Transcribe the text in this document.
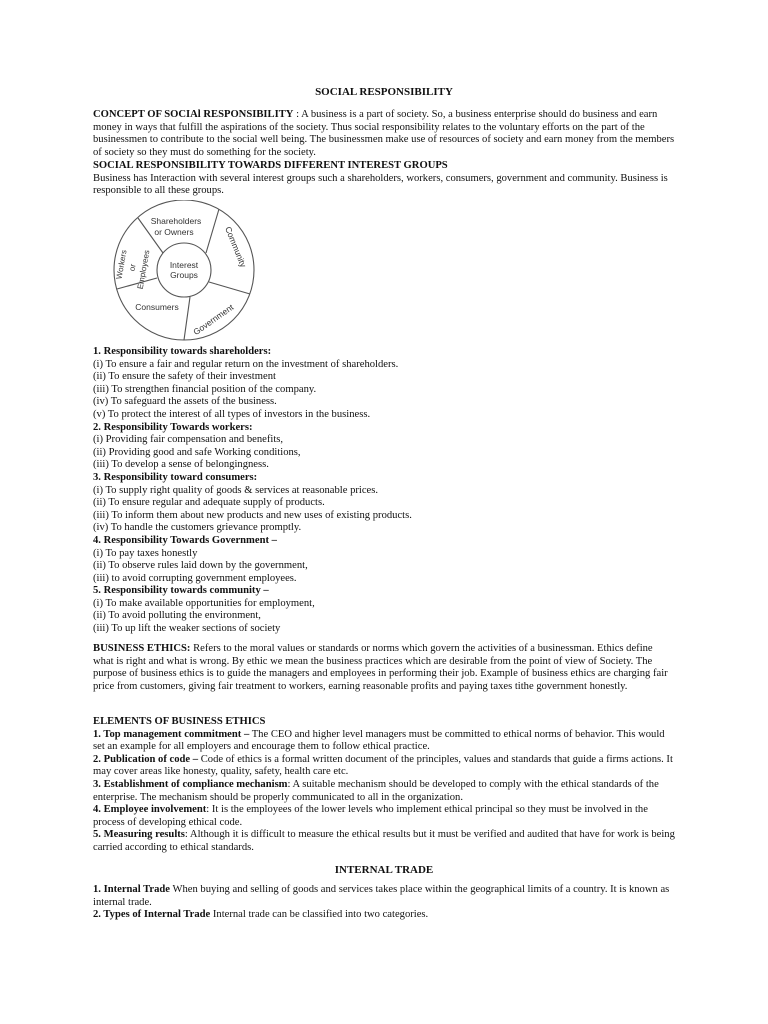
SOCIAL RESPONSIBILITY
CONCEPT OF SOCIAl RESPONSIBILITY : A business is a part of society. So, a business enterprise should do business and earn money in ways that fulfill the aspirations of the society. Thus social responsibility relates to the voluntary efforts on the part of the businessmen to contribute to the social well being. The businessmen make use of resources of society and earn money from the members of society so they must do something for the society.
SOCIAL RESPONSIBILITY TOWARDS DIFFERENT INTEREST GROUPS
Business has Interaction with several interest groups such a shareholders, workers, consumers, government and community. Business is responsible to all these groups.
Interest
Groups
Shareholders
or Owners	Community
Government
Consumers
Workers
or
Employees
1. Responsibility towards shareholders:
(i) To ensure a fair and regular return on the investment of shareholders.
(ii) To ensure the safety of their investment
(iii) To strengthen financial position of the company.
(iv) To safeguard the assets of the business.
(v) To protect the interest of all types of investors in the business.
2. Responsibility Towards workers:
(i) Providing fair compensation and benefits,
(ii) Providing good and safe Working conditions,
(iii) To develop a sense of belongingness.
3. Responsibility toward consumers:
(i) To supply right quality of goods & services at reasonable prices.
(ii) To ensure regular and adequate supply of products.
(iii) To inform them about new products and new uses of existing products.
(iv) To handle the customers grievance promptly.
4. Responsibility Towards Government –
(i) To pay taxes honestly
(ii) To observe rules laid down by the government,
(iii) to avoid corrupting government employees.
5. Responsibility towards community –
(i) To make available opportunities for employment,
(ii) To avoid polluting the environment,
(iii) To up lift the weaker sections of society
BUSINESS ETHICS: Refers to the moral values or standards or norms which govern the activities of a businessman. Ethics define what is right and what is wrong. By ethic we mean the business practices which are desirable from the point of view of Society. The purpose of business ethics is to guide the managers and employees in performing their job. Example of business ethics are charging fair price from customers, giving fair treatment to workers, earning reasonable profits and paying taxes tithe government honestly.
ELEMENTS OF BUSINESS ETHICS
1. Top management commitment – The CEO and higher level managers must be committed to ethical norms of behavior. This would set an example for all employers and encourage them to follow ethical practice.
2. Publication of code – Code of ethics is a formal written document of the principles, values and standards that guide a firms actions. It may cover areas like honesty, quality, safety, health care etc.
3. Establishment of compliance mechanism: A suitable mechanism should be developed to comply with the ethical standards of the enterprise. The mechanism should be properly communicated to all in the organization.
4. Employee involvement: It is the employees of the lower levels who implement ethical principal so they must be involved in the process of developing ethical code.
5. Measuring results: Although it is difficult to measure the ethical results but it must be verified and audited that have for work is being carried according to ethical standards.
INTERNAL TRADE
1. Internal Trade When buying and selling of goods and services takes place within the geographical limits of a country. It is known as internal trade.
2. Types of Internal Trade Internal trade can be classified into two categories.
